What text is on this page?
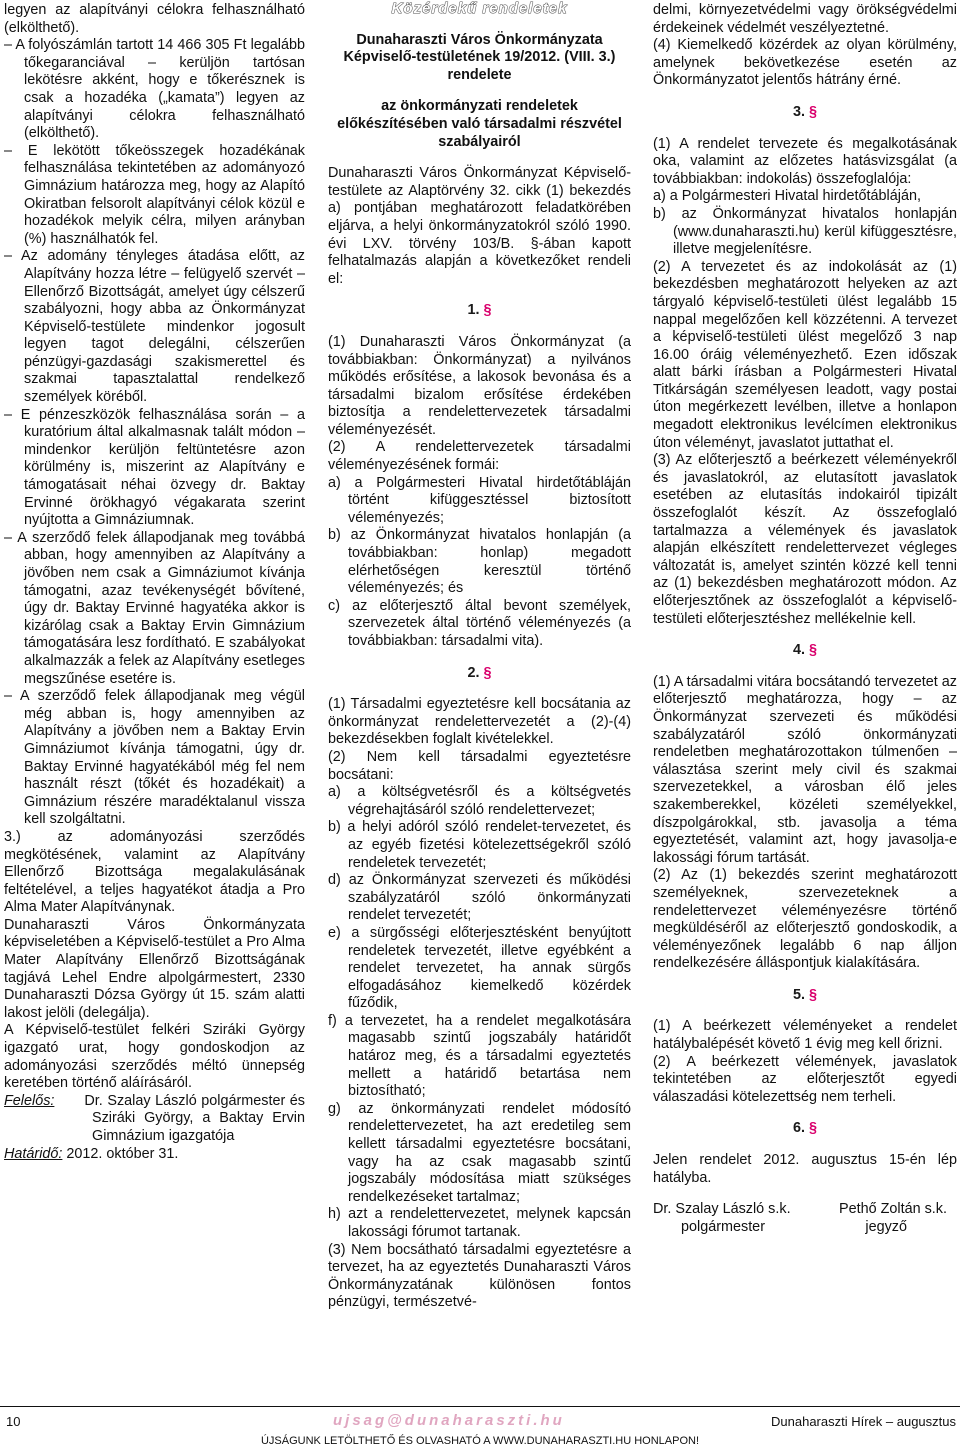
legyen az alapítványi célokra felhasználható (elkölthető).

– A folyószámlán tartott 14 466 305 Ft legalább tőkegaranciával – kerüljön tartósan lekötésre akként, hogy e tőkerésznek is csak a hozadéka („kamata”) legyen az alapítványi célokra felhasználható (elkölthető).

– E lekötött tőkeösszegek hozadékának felhasználása tekintetében az adományozó Gimnázium határozza meg, hogy az Alapító Okiratban felsorolt alapítványi célok közül e hozadékok melyik célra, milyen arányban (%) használhatók fel.

– Az adomány tényleges átadása előtt, az Alapítvány hozza létre – felügyelő szervét – Ellenőrző Bizottságát, amelyet úgy célszerű szabályozni, hogy abba az Önkormányzat Képviselő-testülete mindenkor jogosult legyen tagot delegálni, célszerűen pénzügyi-gazdasági szakismerettel és szakmai tapasztalattal rendelkező személyek köréből.

– E pénzeszközök felhasználása során – a kuratórium által alkalmasnak talált módon – mindenkor kerüljön feltüntetésre azon körülmény is, miszerint az Alapítvány e támogatásait néhai özvegy dr. Baktay Ervinné örökhagyó végakarata szerint nyújtotta a Gimnáziumnak.

– A szerződő felek állapodjanak meg továbbá abban, hogy amennyiben az Alapítvány a jövőben nem csak a Gimnáziumot kívánja támogatni, azaz tevékenységét bővítené, úgy dr. Baktay Ervinné hagyatéka akkor is kizárólag csak a Baktay Ervin Gimnázium támogatására lesz fordítható. E szabályokat alkalmazzák a felek az Alapítvány esetleges megszűnése esetére is.

– A szerződő felek állapodjanak meg végül még abban is, hogy amennyiben az Alapítvány a jövőben nem a Baktay Ervin Gimnáziumot kívánja támogatni, úgy dr. Baktay Ervinné hagyatékából még fel nem használt részt (tőkét és hozadékait) a Gimnázium részére maradéktalanul vissza kell szolgáltatni.

3.) az adományozási szerződés megkötésének, valamint az Alapítvány Ellenőrző Bizottsága megalakulásának feltételével, a teljes hagyatékot átadja a Pro Alma Mater Alapítványnak.

Dunaharaszti Város Önkormányzata képviseletében a Képviselő-testület a Pro Alma Mater Alapítvány Ellenőrző Bizottságának tagjává Lehel Endre alpolgármestert, 2330 Dunaharaszti Dózsa György út 15. szám alatti lakost jelöli (delegálja).

A Képviselő-testület felkéri Sziráki György igazgató urat, hogy gondoskodjon az adományozási szerződés méltó ünnepség keretében történő aláírásáról.

Felelős: Dr. Szalay László polgármester és Sziráki György, a Baktay Ervin Gimnázium igazgatója

Határidő: 2012. október 31.

Közérdekű rendeletek

Dunaharaszti Város Önkormányzata Képviselő-testületének 19/2012. (VIII. 3.) rendelete

az önkormányzati rendeletek előkészítésében való társadalmi részvétel szabályairól

Dunaharaszti Város Önkormányzat Képviselő-testülete az Alaptörvény 32. cikk (1) bekezdés a) pontjában meghatározott feladatkörében eljárva, a helyi önkormányzatokról szóló 1990. évi LXV. törvény 103/B. §-ában kapott felhatalmazás alapján a következőket rendeli el:

1. §

(1) Dunaharaszti Város Önkormányzat (a továbbiakban: Önkormányzat) a nyilvános működés erősítése, a lakosok bevonása és a társadalmi bizalom erősítése érdekében biztosítja a rendelettervezetek társadalmi véleményezését.

(2) A rendelettervezetek társadalmi véleményezésének formái:

a) a Polgármesteri Hivatal hirdetőtábláján történt kifüggesztéssel biztosított véleményezés;

b) az Önkormányzat hivatalos honlapján (a továbbiakban: honlap) megadott elérhetőségen keresztül történő véleményezés; és

c) az előterjesztő által bevont személyek, szervezetek által történő véleményezés (a továbbiakban: társadalmi vita).

2. §

(1) Társadalmi egyeztetésre kell bocsátania az önkormányzat rendelettervezetét a (2)-(4) bekezdésekben foglalt kivételekkel.

(2) Nem kell társadalmi egyeztetésre bocsátani:

a) a költségvetésről és a költségvetés végrehajtásáról szóló rendelettervezet;

b) a helyi adóról szóló rendelet-tervezetet, és az egyéb fizetési kötelezettségekről szóló rendeletek tervezetét;

d) az Önkormányzat szervezeti és működési szabályzatáról szóló önkormányzati rendelet tervezetét;

e) a sürgősségi előterjesztésként benyújtott rendeletek tervezetét, illetve egyébként a rendelet tervezetet, ha annak sürgős elfogadásához kiemelkedő közérdek fűződik,

f) a tervezetet, ha a rendelet megalkotására magasabb szintű jogszabály határidőt határoz meg, és a társadalmi egyeztetés mellett a határidő betartása nem biztosítható;

g) az önkormányzati rendelet módosító rendelettervezetet, ha azt eredetileg sem kellett társadalmi egyeztetésre bocsátani, vagy ha az csak magasabb szintű jogszabály módosítása miatt szükséges rendelkezéseket tartalmaz;

h) azt a rendelettervezetet, melynek kapcsán lakossági fórumot tartanak.

(3) Nem bocsátható társadalmi egyeztetésre a tervezet, ha az egyeztetés Dunaharaszti Város Önkormányzatának különösen fontos pénzügyi, természetvé-

delmi, környezetvédelmi vagy örökségvédelmi érdekeinek védelmét veszélyeztetné.

(4) Kiemelkedő közérdek az olyan körülmény, amelynek bekövetkezése esetén az Önkormányzatot jelentős hátrány érné.

3. §

(1) A rendelet tervezete és megalkotásának oka, valamint az előzetes hatásvizsgálat (a továbbiakban: indokolás) összefoglalója:

a) a Polgármesteri Hivatal hirdetőtábláján,

b) az Önkormányzat hivatalos honlapján (www.dunaharaszti.hu) kerül kifüggesztésre, illetve megjelenítésre.

(2) A tervezetet és az indokolását az (1) bekezdésben meghatározott helyeken az azt tárgyaló képviselő-testületi ülést legalább 15 nappal megelőzően kell közzétenni. A tervezet a képviselő-testületi ülést megelőző 3 nap 16.00 óráig véleményezhető. Ezen időszak alatt bárki írásban a Polgármesteri Hivatal Titkárságán személyesen leadott, vagy postai úton megérkezett levélben, illetve a honlapon megadott elektronikus levélcímen elektronikus úton véleményt, javaslatot juttathat el.

(3) Az előterjesztő a beérkezett véleményekről és javaslatokról, az elutasított javaslatok esetében az elutasítás indokairól tipizált összefoglalót készít. Az összefoglaló tartalmazza a vélemények és javaslatok alapján elkészített rendelettervezet végleges változatát is, amelyet szintén közzé kell tenni az (1) bekezdésben meghatározott módon. Az előterjesztőnek az összefoglalót a képviselő-testületi előterjesztéshez mellékelnie kell.

4. §

(1) A társadalmi vitára bocsátandó tervezetet az előterjesztő meghatározza, hogy – az Önkormányzat szervezeti és működési szabályzatáról szóló önkormányzati rendeletben meghatározottakon túlmenően – választása szerint mely civil és szakmai szervezetekkel, a városban élő jeles szakemberekkel, közéleti személyekkel, díszpolgárokkal, stb. javasolja a téma egyeztetését, valamint azt, hogy javasolja-e lakossági fórum tartását.

(2) Az (1) bekezdés szerint meghatározott személyeknek, szervezeteknek a rendelettervezet véleményezésre történő megküldéséről az előterjesztő gondoskodik, a véleményezőnek legalább 6 nap álljon rendelkezésére álláspontjuk kialakítására.

5. §

(1) A beérkezett véleményeket a rendelet hatálybalépését követő 1 évig meg kell őrizni.

(2) A beérkezett vélemények, javaslatok tekintetében az előterjesztőt egyedi válaszadási kötelezettség nem terheli.

6. §

Jelen rendelet 2012. augusztus 15-én lép hatályba.

Dr. Szalay László s.k.	Pethő Zoltán s.k.
polgármester	jegyző
10	ujsag@dunaharaszti.hu	Dunaharaszti Hírek – augusztus
ÚJSÁGUNK LETÖLTHETŐ ÉS OLVASHATÓ A WWW.DUNAHARASZTI.HU HONLAPON!
